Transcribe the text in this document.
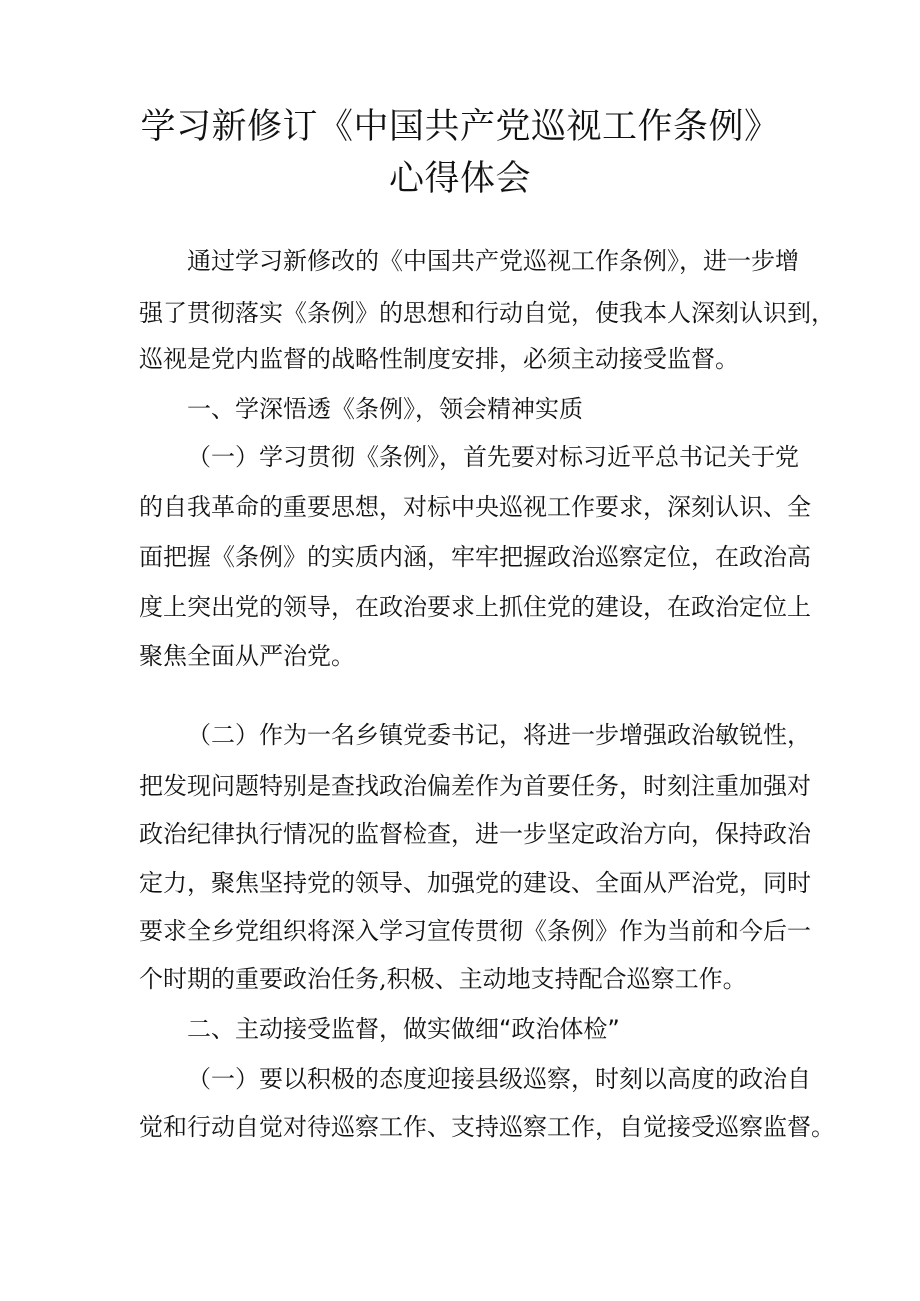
学习新修订《中国共产党巡视工作条例》
心得体会
通过学习新修改的《中国共产党巡视工作条例》，进一步增
强了贯彻落实《条例》的思想和行动自觉，使我本人深刻认识到，
巡视是党内监督的战略性制度安排，必须主动接受监督。
一、学深悟透《条例》，领会精神实质
（一）学习贯彻《条例》，首先要对标习近平总书记关于党
的自我革命的重要思想，对标中央巡视工作要求，深刻认识、全
面把握《条例》的实质内涵，牢牢把握政治巡察定位，在政治高
度上突出党的领导，在政治要求上抓住党的建设，在政治定位上
聚焦全面从严治党。
（二）作为一名乡镇党委书记，将进一步增强政治敏锐性，
把发现问题特别是查找政治偏差作为首要任务，时刻注重加强对
政治纪律执行情况的监督检查，进一步坚定政治方向，保持政治
定力，聚焦坚持党的领导、加强党的建设、全面从严治党，同时
要求全乡党组织将深入学习宣传贯彻《条例》作为当前和今后一
个时期的重要政治任务,积极、主动地支持配合巡察工作。
二、主动接受监督，做实做细“政治体检”
（一）要以积极的态度迎接县级巡察，时刻以高度的政治自
觉和行动自觉对待巡察工作、支持巡察工作，自觉接受巡察监督。
